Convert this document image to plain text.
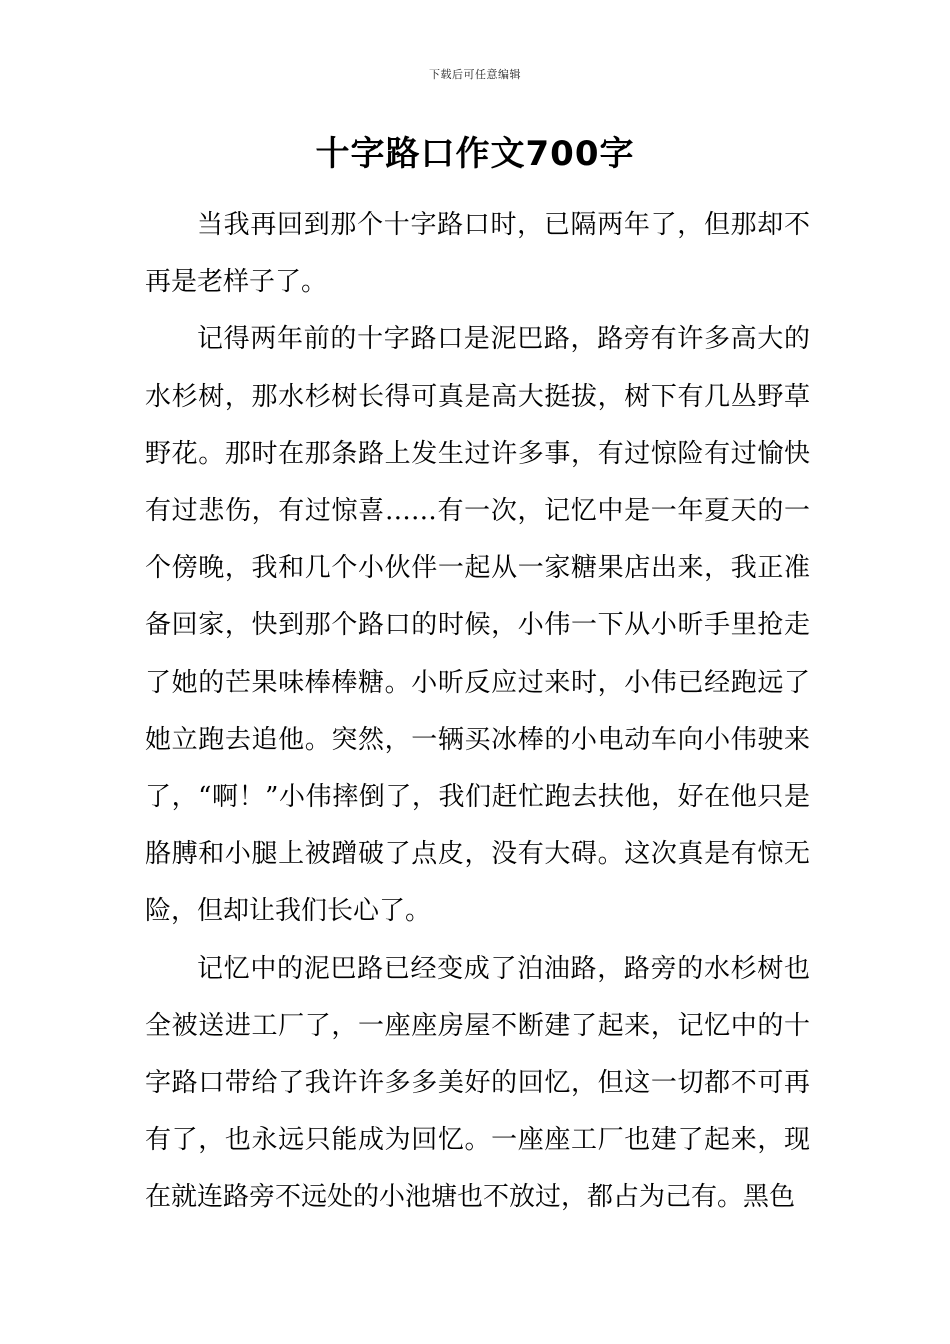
下载后可任意编辑
十字路口作文700字

当我再回到那个十字路口时，已隔两年了，但那却不再是老样子了。

记得两年前的十字路口是泥巴路，路旁有许多高大的水杉树，那水杉树长得可真是高大挺拔，树下有几丛野草野花。那时在那条路上发生过许多事，有过惊险有过愉快有过悲伤，有过惊喜……有一次，记忆中是一年夏天的一个傍晚，我和几个小伙伴一起从一家糖果店出来，我正准备回家，快到那个路口的时候，小伟一下从小昕手里抢走了她的芒果味棒棒糖。小昕反应过来时，小伟已经跑远了她立跑去追他。突然，一辆买冰棒的小电动车向小伟驶来了，“啊！”小伟摔倒了，我们赶忙跑去扶他，好在他只是胳膊和小腿上被蹭破了点皮，没有大碍。这次真是有惊无险，但却让我们长心了。

记忆中的泥巴路已经变成了泊油路，路旁的水杉树也全被送进工厂了，一座座房屋不断建了起来，记忆中的十字路口带给了我许许多多美好的回忆，但这一切都不可再有了，也永远只能成为回忆。一座座工厂也建了起来，现在就连路旁不远处的小池塘也不放过，都占为己有。黑色
